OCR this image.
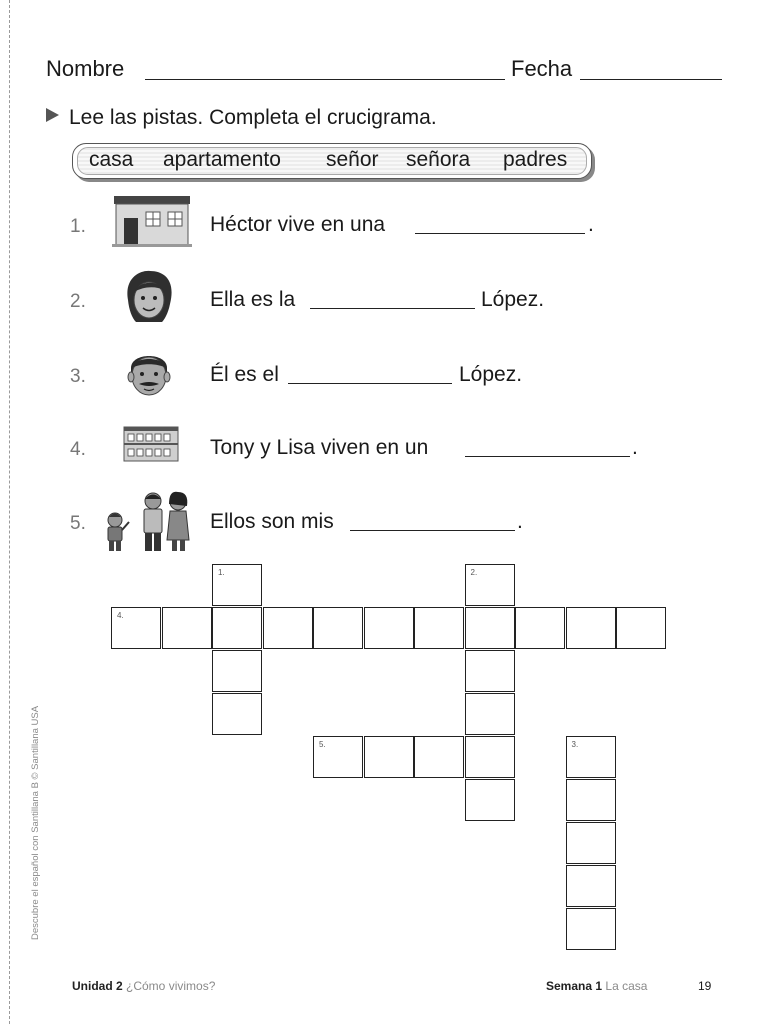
Descubre el español con Santillana B © Santillana USA
Nombre	Fecha
Lee las pistas. Completa el crucigrama.
casa apartamento señor señora padres
1.	Héctor vive en una	.
2.	Ella es la	López.
3.	Él es el	López.
4.	Tony y Lisa viven en un	.
5.	Ellos son mis	.
1.	2.
4.
5.	3.
Unidad 2 ¿Cómo vivimos?	Semana 1 La casa	19
